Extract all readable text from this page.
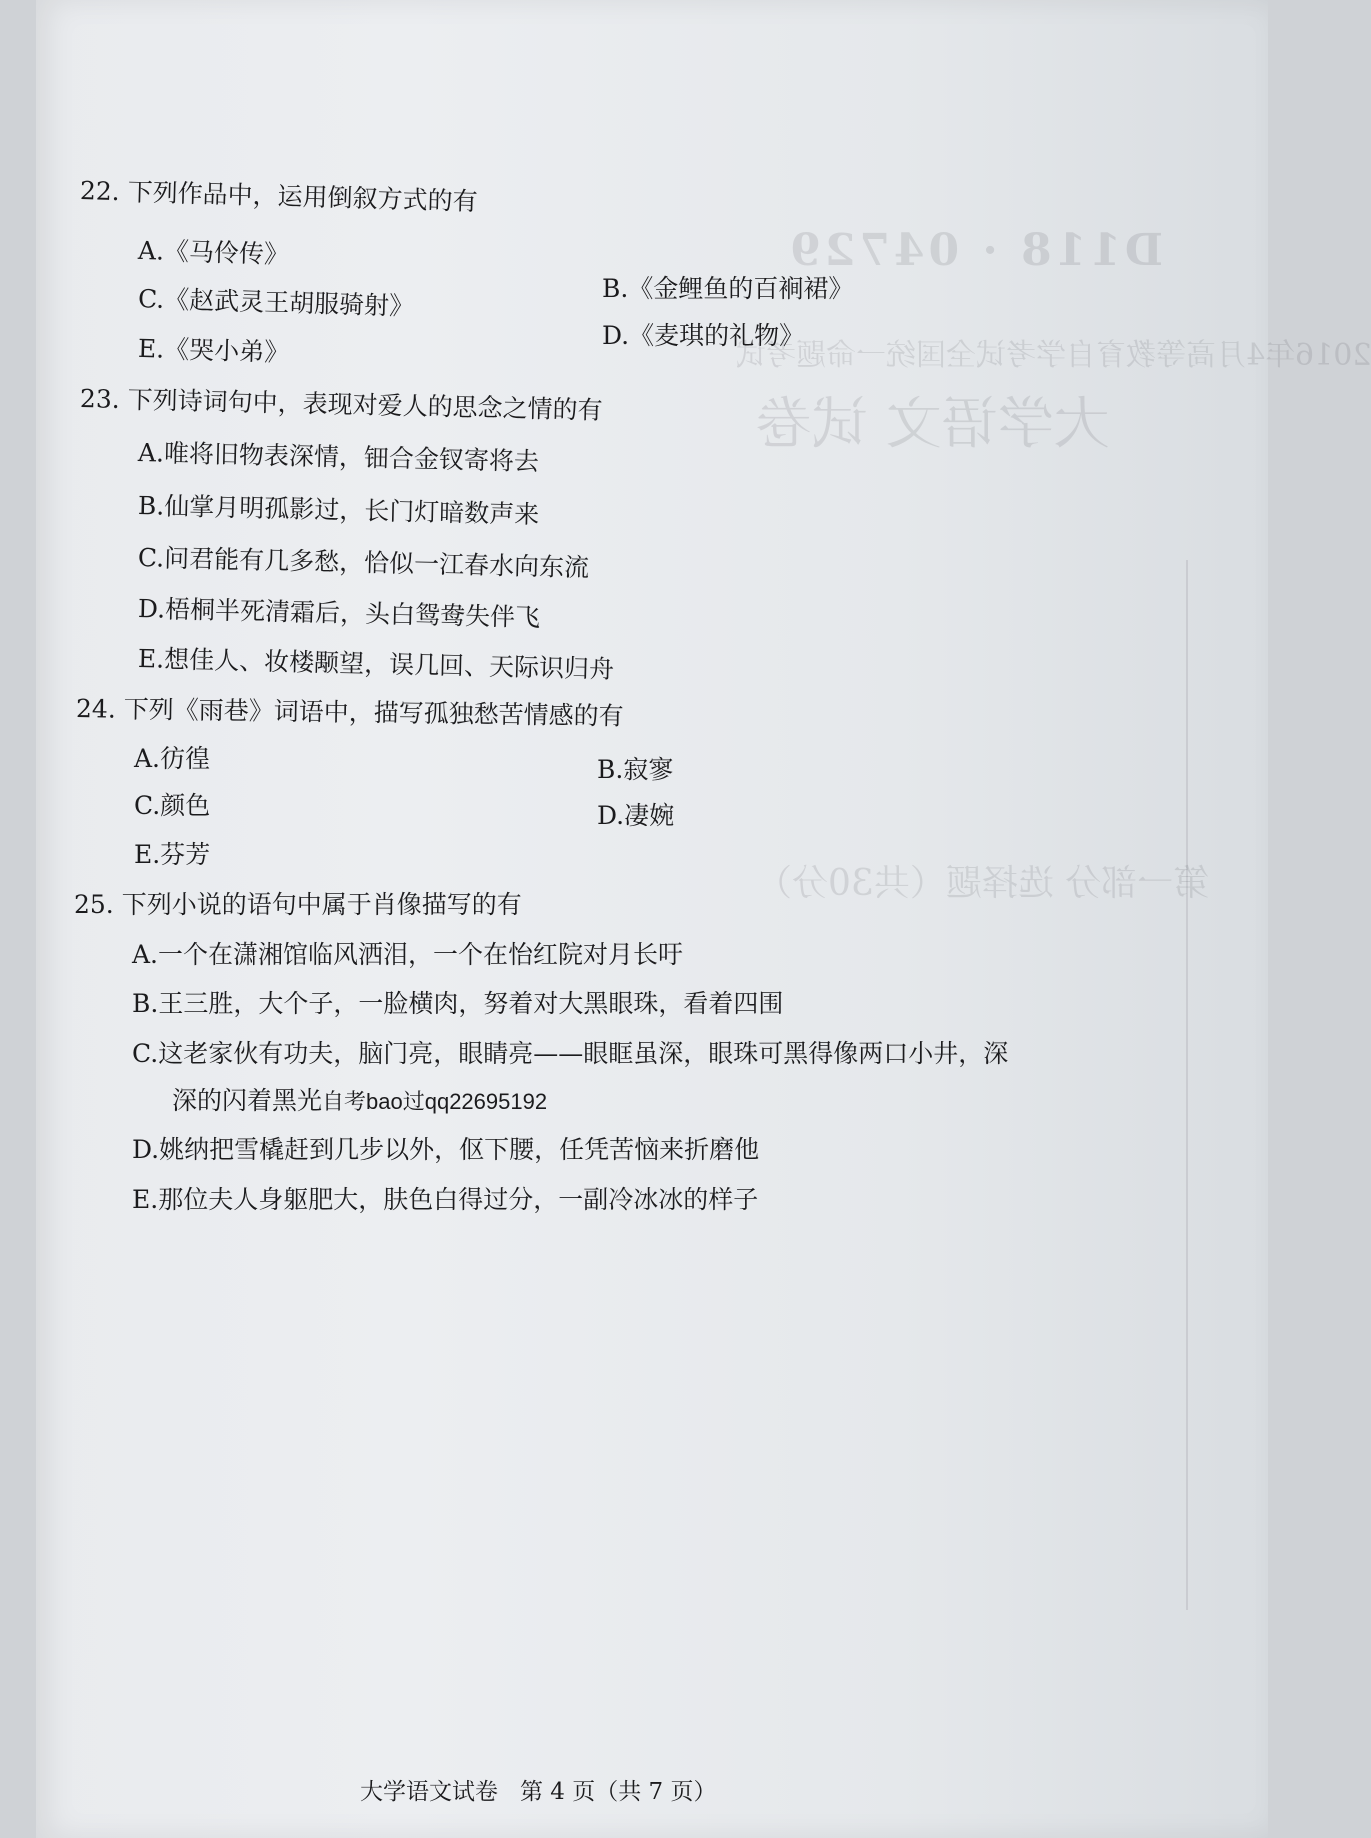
D118 · 04729
2016年4月高等教育自学考试全国统一命题考试
大学语文 试卷
第一部分 选择题（共30分）
22. 下列作品中，运用倒叙方式的有
A.《马伶传》
B.《金鲤鱼的百裥裙》
C.《赵武灵王胡服骑射》
D.《麦琪的礼物》
E.《哭小弟》
23. 下列诗词句中，表现对爱人的思念之情的有
A.唯将旧物表深情，钿合金钗寄将去
B.仙掌月明孤影过，长门灯暗数声来
C.问君能有几多愁，恰似一江春水向东流
D.梧桐半死清霜后，头白鸳鸯失伴飞
E.想佳人、妆楼颙望，误几回、天际识归舟
24. 下列《雨巷》词语中，描写孤独愁苦情感的有
A.彷徨	B.寂寥
C.颜色	D.凄婉
E.芬芳
25. 下列小说的语句中属于肖像描写的有
A.一个在潇湘馆临风洒泪，一个在怡红院对月长吁
B.王三胜，大个子，一脸横肉，努着对大黑眼珠，看着四围
C.这老家伙有功夫，脑门亮，眼睛亮——眼眶虽深，眼珠可黑得像两口小井，深
深的闪着黑光自考bao过qq22695192
D.姚纳把雪橇赶到几步以外，伛下腰，任凭苦恼来折磨他
E.那位夫人身躯肥大，肤色白得过分，一副冷冰冰的样子
大学语文试卷 第 4 页（共 7 页）
